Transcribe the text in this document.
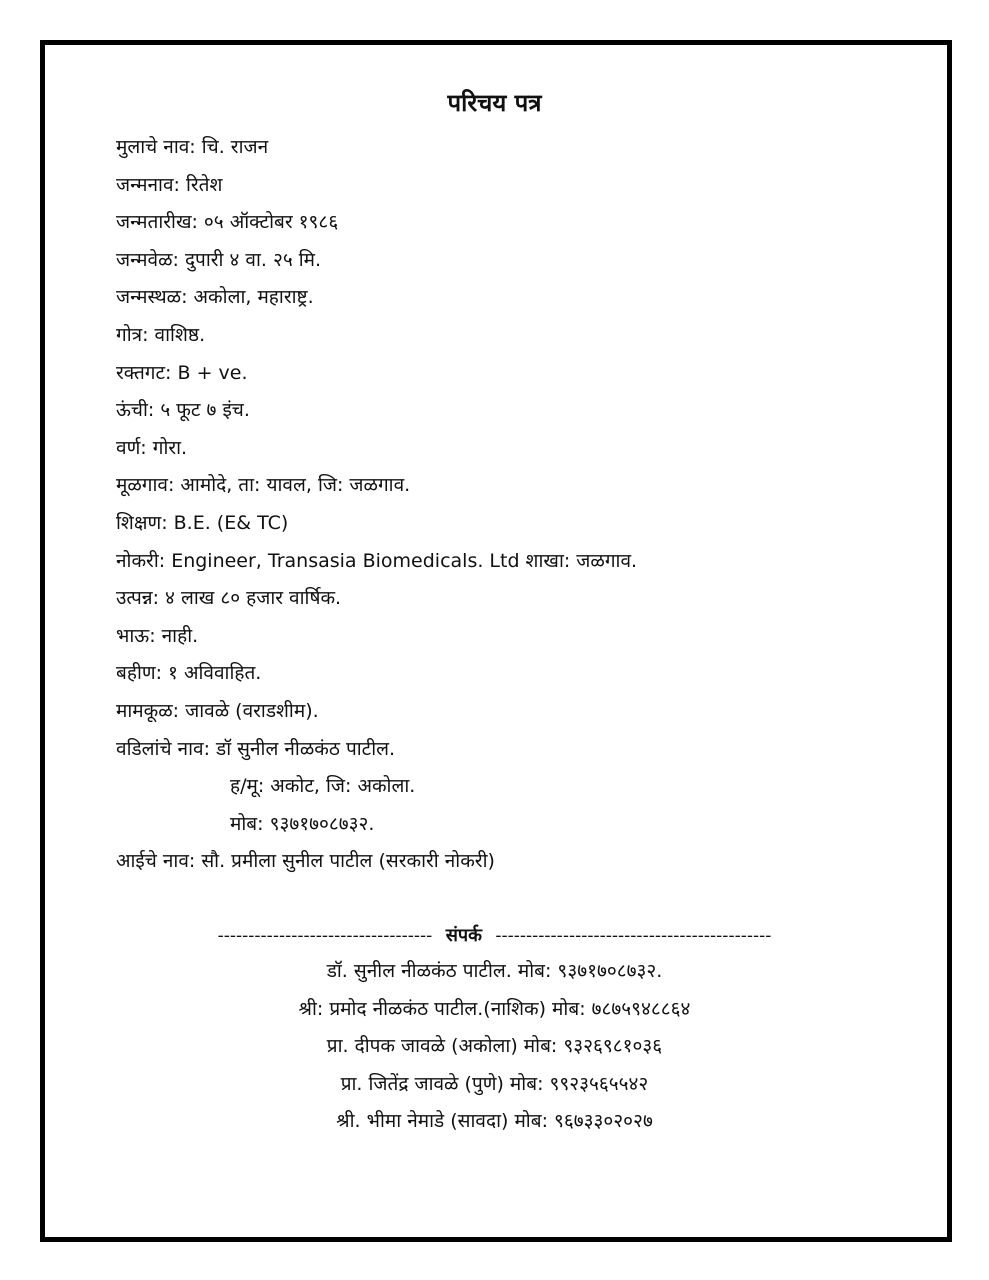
परिचय पत्र
मुलाचे नाव: चि. राजन
जन्मनाव: रितेश
जन्मतारीख: ०५ ऑक्टोबर १९८६
जन्मवेळ: दुपारी ४ वा. २५ मि.
जन्मस्थळ: अकोला, महाराष्ट्र.
गोत्र: वाशिष्ठ.
रक्तगट: B + ve.
ऊंची: ५ फूट ७ इंच.
वर्ण: गोरा.
मूळगाव: आमोदे, ता: यावल, जि: जळगाव.
शिक्षण: B.E. (E& TC)
नोकरी: Engineer, Transasia Biomedicals. Ltd शाखा: जळगाव.
उत्पन्न: ४ लाख ८० हजार वार्षिक.
भाऊ: नाही.
बहीण: १ अविवाहित.
मामकूळ: जावळे (वराडशीम).
वडिलांचे नाव: डॉ सुनील नीळकंठ पाटील.
ह/मू: अकोट, जि: अकोला.
मोब: ९३७१७०८७३२.
आईचे नाव: सौ. प्रमीला सुनील पाटील (सरकारी नोकरी)
----------------------------------- संपर्क ---------------------------------------------
डॉ. सुनील नीळकंठ पाटील. मोब: ९३७१७०८७३२.
श्री: प्रमोद नीळकंठ पाटील.(नाशिक) मोब: ७८७५९४८८६४
प्रा. दीपक जावळे (अकोला) मोब: ९३२६९८१०३६
प्रा. जितेंद्र जावळे (पुणे) मोब: ९९२३५६५५४२
श्री. भीमा नेमाडे (सावदा) मोब: ९६७३३०२०२७
